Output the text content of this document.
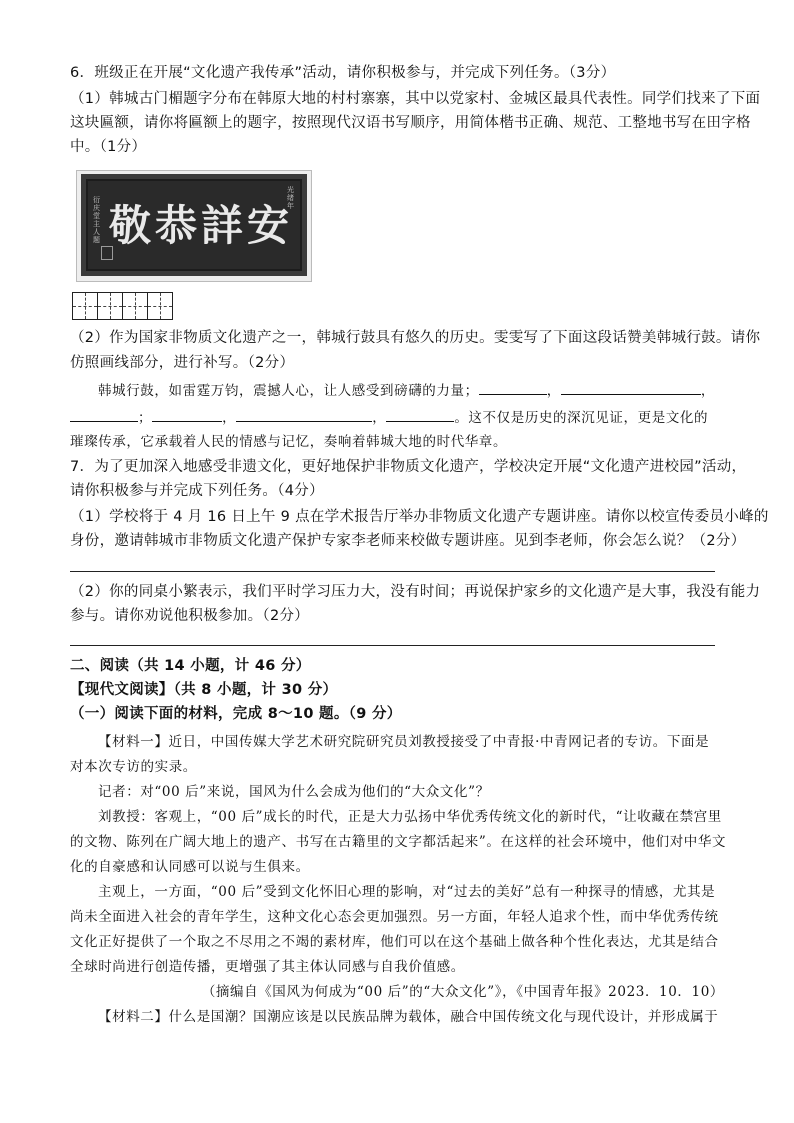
6．班级正在开展“文化遗产我传承”活动，请你积极参与，并完成下列任务。（3分）
（1）韩城古门楣题字分布在韩原大地的村村寨寨，其中以党家村、金城区最具代表性。同学们找来了下面
这块匾额，请你将匾额上的题字，按照现代汉语书写顺序，用简体楷书正确、规范、工整地书写在田字格
中。（1分）
衍庆堂主人题 敬 恭 詳 安
光绪年
（2）作为国家非物质文化遗产之一，韩城行鼓具有悠久的历史。雯雯写了下面这段话赞美韩城行鼓。请你
仿照画线部分，进行补写。（2分）
韩城行鼓，如雷霆万钧，震撼人心，让人感受到磅礴的力量；	，	，
；	，	，	。这不仅是历史的深沉见证，更是文化的
璀璨传承，它承载着人民的情感与记忆，奏响着韩城大地的时代华章。
7．为了更加深入地感受非遗文化，更好地保护非物质文化遗产，学校决定开展“文化遗产进校园”活动，
请你积极参与并完成下列任务。（4分）
（1）学校将于 4 月 16 日上午 9 点在学术报告厅举办非物质文化遗产专题讲座。请你以校宣传委员小峰的
身份，邀请韩城市非物质文化遗产保护专家李老师来校做专题讲座。见到李老师，你会怎么说？（2分）
（2）你的同桌小繁表示，我们平时学习压力大，没有时间；再说保护家乡的文化遗产是大事，我没有能力
参与。请你劝说他积极参加。（2分）
二、阅读（共 14 小题，计 46 分）
【现代文阅读】（共 8 小题，计 30 分）
（一）阅读下面的材料，完成 8～10 题。（9 分）
【材料一】近日，中国传媒大学艺术研究院研究员刘教授接受了中青报·中青网记者的专访。下面是
对本次专访的实录。
记者：对“00 后”来说，国风为什么会成为他们的“大众文化”？
刘教授：客观上，“00 后”成长的时代，正是大力弘扬中华优秀传统文化的新时代，“让收藏在禁宫里
的文物、陈列在广阔大地上的遗产、书写在古籍里的文字都活起来”。在这样的社会环境中，他们对中华文
化的自豪感和认同感可以说与生俱来。
主观上，一方面，“00 后”受到文化怀旧心理的影响，对“过去的美好”总有一种探寻的情感，尤其是
尚未全面进入社会的青年学生，这种文化心态会更加强烈。另一方面，年轻人追求个性，而中华优秀传统
文化正好提供了一个取之不尽用之不竭的素材库，他们可以在这个基础上做各种个性化表达，尤其是结合
全球时尚进行创造传播，更增强了其主体认同感与自我价值感。
（摘编自《国风为何成为“00 后”的“大众文化”》，《中国青年报》2023．10．10）
【材料二】什么是国潮？国潮应该是以民族品牌为载体，融合中国传统文化与现代设计，并形成属于
